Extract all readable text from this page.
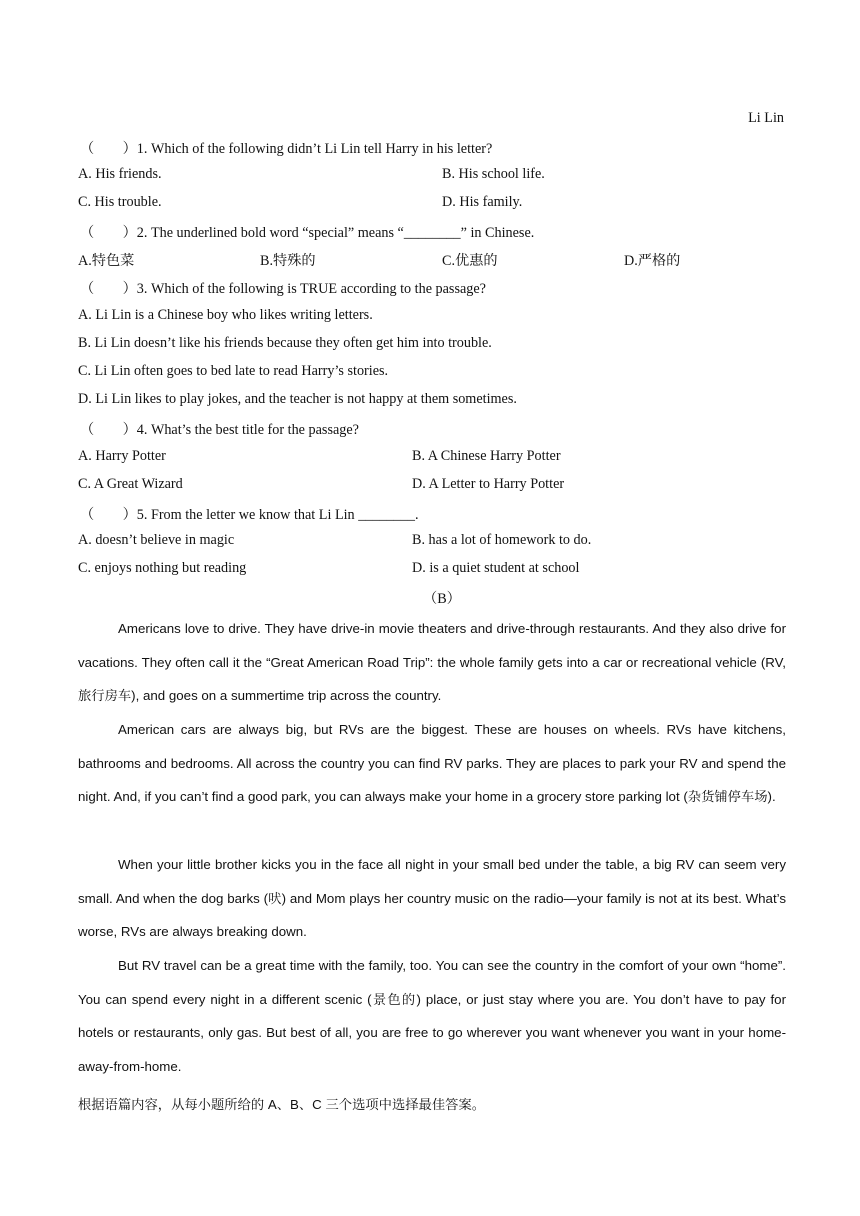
Li Lin
（　　）1. Which of the following didn’t Li Lin tell Harry in his letter?
A. His friends.	B. His school life.
C. His trouble.	D. His family.
（　　）2. The underlined bold word “special” means “________” in Chinese.
A.特色菜	B.特殊的	C.优惠的	D.严格的
（　　）3. Which of the following is TRUE according to the passage?
A. Li Lin is a Chinese boy who likes writing letters.
B. Li Lin doesn’t like his friends because they often get him into trouble.
C. Li Lin often goes to bed late to read Harry’s stories.
D. Li Lin likes to play jokes, and the teacher is not happy at them sometimes.
（　　）4. What’s the best title for the passage?
A. Harry Potter	B. A Chinese Harry Potter
C. A Great Wizard	D. A Letter to Harry Potter
（　　）5. From the letter we know that Li Lin ________.
A. doesn’t believe in magic	B. has a lot of homework to do.
C. enjoys nothing but reading	D. is a quiet student at school
（B）

Americans love to drive. They have drive-in movie theaters and drive-through restaurants. And they also drive for vacations. They often call it the “Great American Road Trip”: the whole family gets into a car or recreational vehicle (RV, 旅行房车), and goes on a summertime trip across the country.

American cars are always big, but RVs are the biggest. These are houses on wheels. RVs have kitchens, bathrooms and bedrooms. All across the country you can find RV parks. They are places to park your RV and spend the night. And, if you can’t find a good park, you can always make your home in a grocery store parking lot (杂货铺停车场).

When your little brother kicks you in the face all night in your small bed under the table, a big RV can seem very small. And when the dog barks (吠) and Mom plays her country music on the radio—your family is not at its best. What’s worse, RVs are always breaking down.

But RV travel can be a great time with the family, too. You can see the country in the comfort of your own “home”. You can spend every night in a different scenic (景色的) place, or just stay where you are. You don’t have to pay for hotels or restaurants, only gas. But best of all, you are free to go wherever you want whenever you want in your home-away-from-home.

根据语篇内容，从每小题所给的 A、B、C 三个选项中选择最佳答案。
